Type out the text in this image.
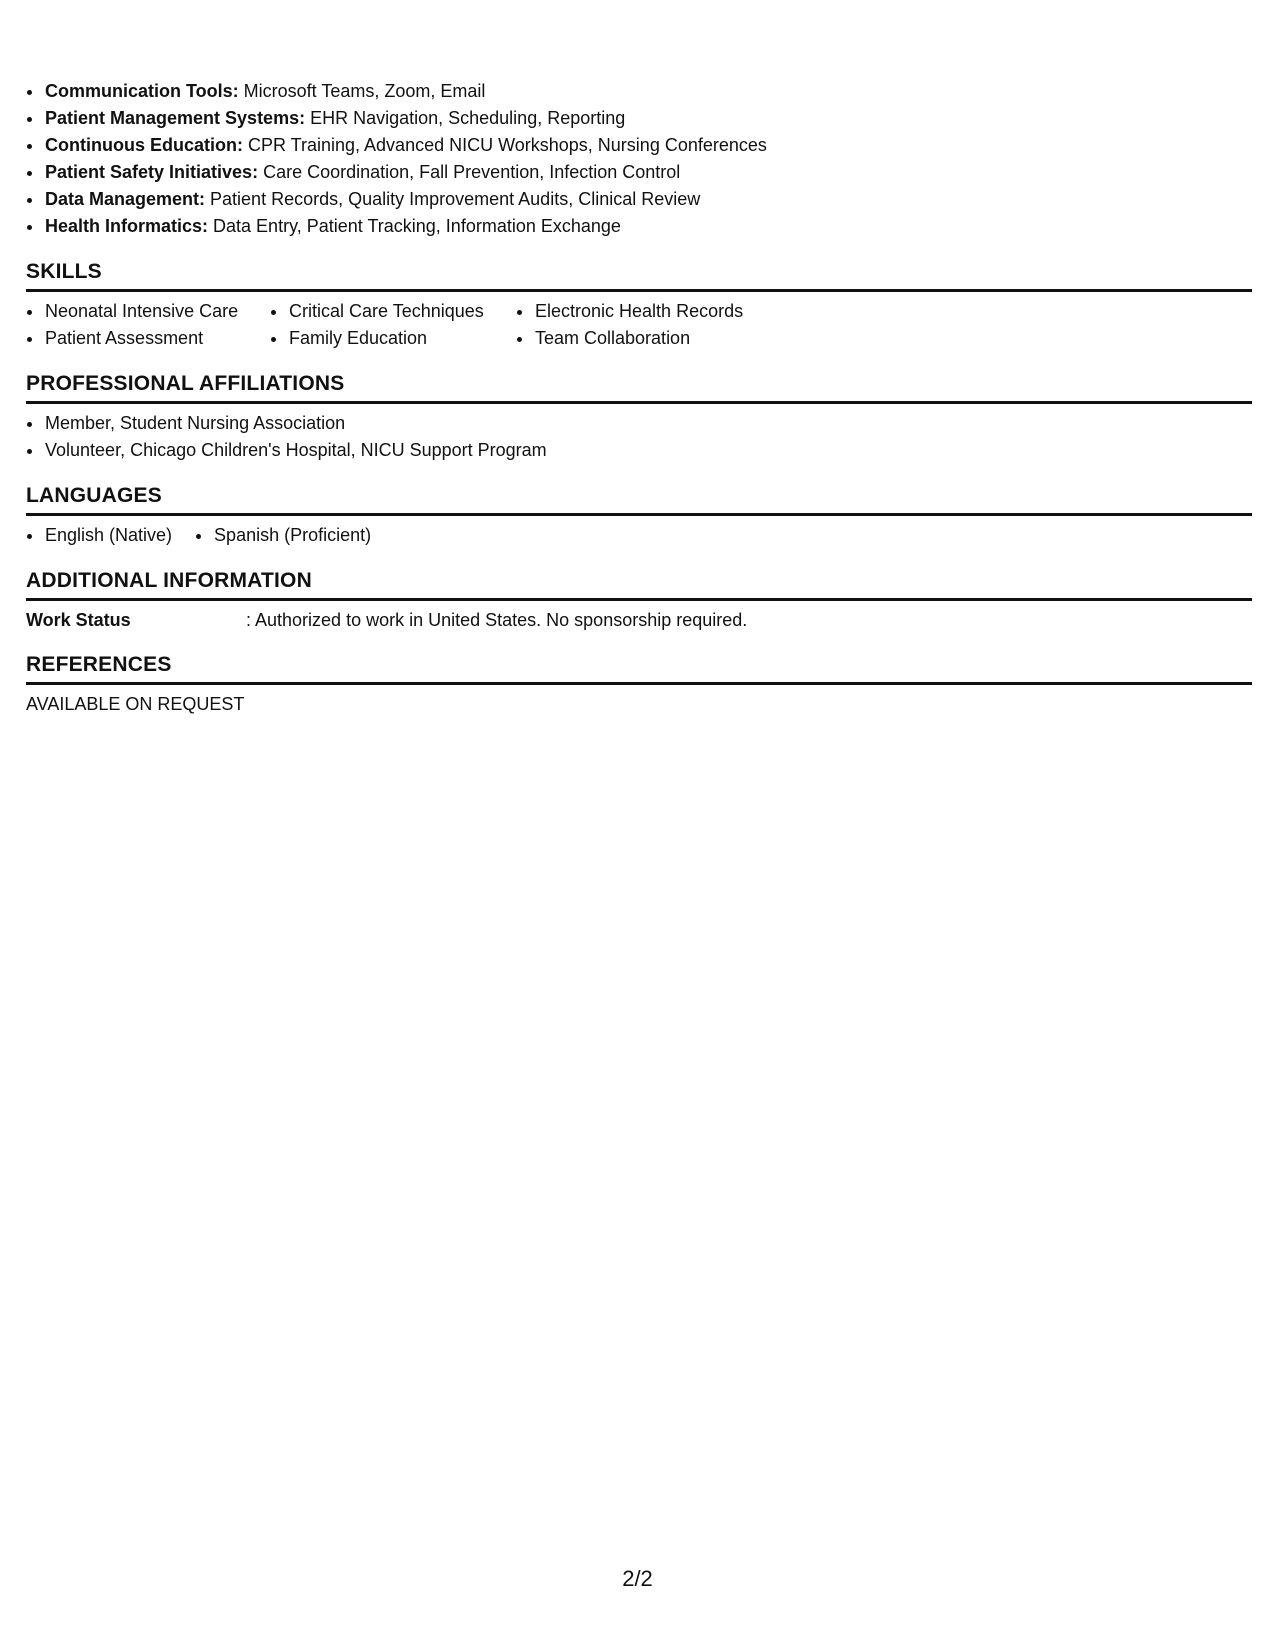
Communication Tools: Microsoft Teams, Zoom, Email
Patient Management Systems: EHR Navigation, Scheduling, Reporting
Continuous Education: CPR Training, Advanced NICU Workshops, Nursing Conferences
Patient Safety Initiatives: Care Coordination, Fall Prevention, Infection Control
Data Management: Patient Records, Quality Improvement Audits, Clinical Review
Health Informatics: Data Entry, Patient Tracking, Information Exchange
SKILLS
Neonatal Intensive Care	Critical Care Techniques	Electronic Health Records
Patient Assessment	Family Education	Team Collaboration
PROFESSIONAL AFFILIATIONS
Member, Student Nursing Association
Volunteer, Chicago Children's Hospital, NICU Support Program
LANGUAGES
English (Native)	Spanish (Proficient)
ADDITIONAL INFORMATION
Work Status	: Authorized to work in United States. No sponsorship required.
REFERENCES
AVAILABLE ON REQUEST
2/2
